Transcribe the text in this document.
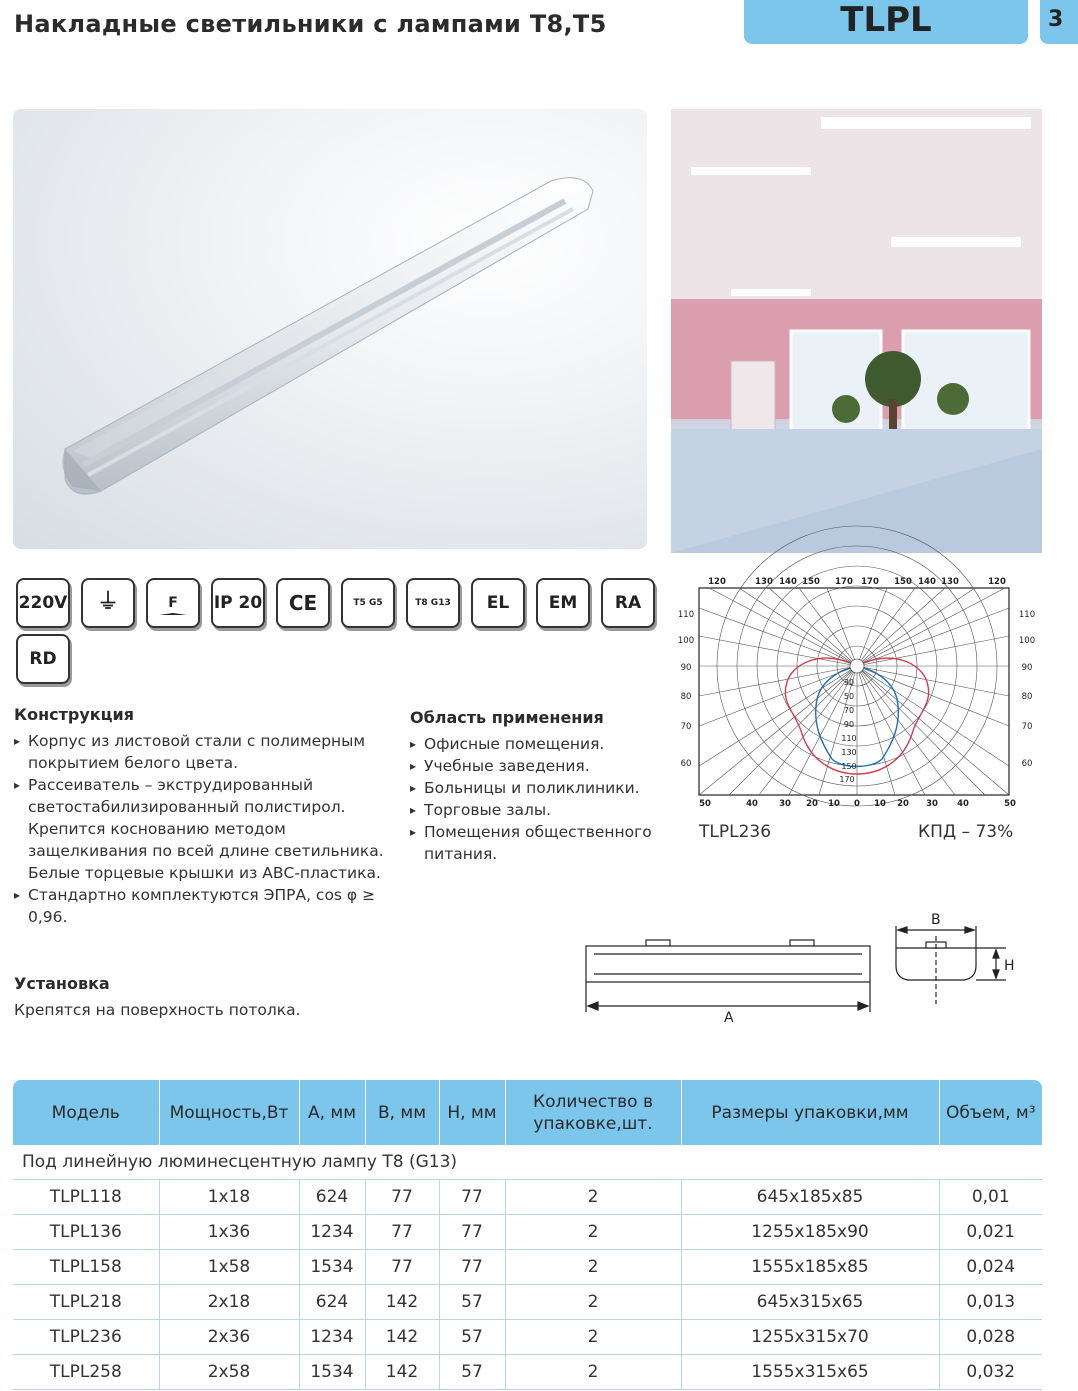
Накладные светильники с лампами Т8,Т5	TLPL	3
220V	⏚	F	IP 20	CE	T5 G5	T8 G13	EL	EM	RA
RD
Конструкция
▸ Корпус из листовой стали с полимерным покрытием белого цвета.
▸ Рассеиватель – экструдированный светостабилизированный полистирол. Крепится коснованию методом защелкивания по всей длине светильника. Белые торцевые крышки из АВС-пластика.
▸ Стандартно комплектуются ЭПРА, cos φ ≥ 0,96.
Область применения
▸ Офисные помещения.
▸ Учебные заведения.
▸ Больницы и поликлиники.
▸ Торговые залы.
▸ Помещения общественного питания.
Установка
Крепятся на поверхность потолка.
120	130 140 150 170 170 150 140 130	120
110
100
90
80
70
60
110
100
90
80
70
60
30
50
70
90
110
130
150
170
50	40 30 20 10 0 10 20 30 40	50
TLPL236	КПД – 73%
A
B
H
Модель	Мощность,Вт	A, мм	B, мм	H, мм	Количество в упаковке,шт.	Размеры упаковки,мм	Объем, м³
Под линейную люминесцентную лампу Т8 (G13)							
TLPL118	1x18	624	77	77	2	645x185x85	0,01
TLPL136	1x36	1234	77	77	2	1255x185x90	0,021
TLPL158	1x58	1534	77	77	2	1555x185x85	0,024
TLPL218	2x18	624	142	57	2	645x315x65	0,013
TLPL236	2x36	1234	142	57	2	1255x315x70	0,028
TLPL258	2x58	1534	142	57	2	1555x315x65	0,032
